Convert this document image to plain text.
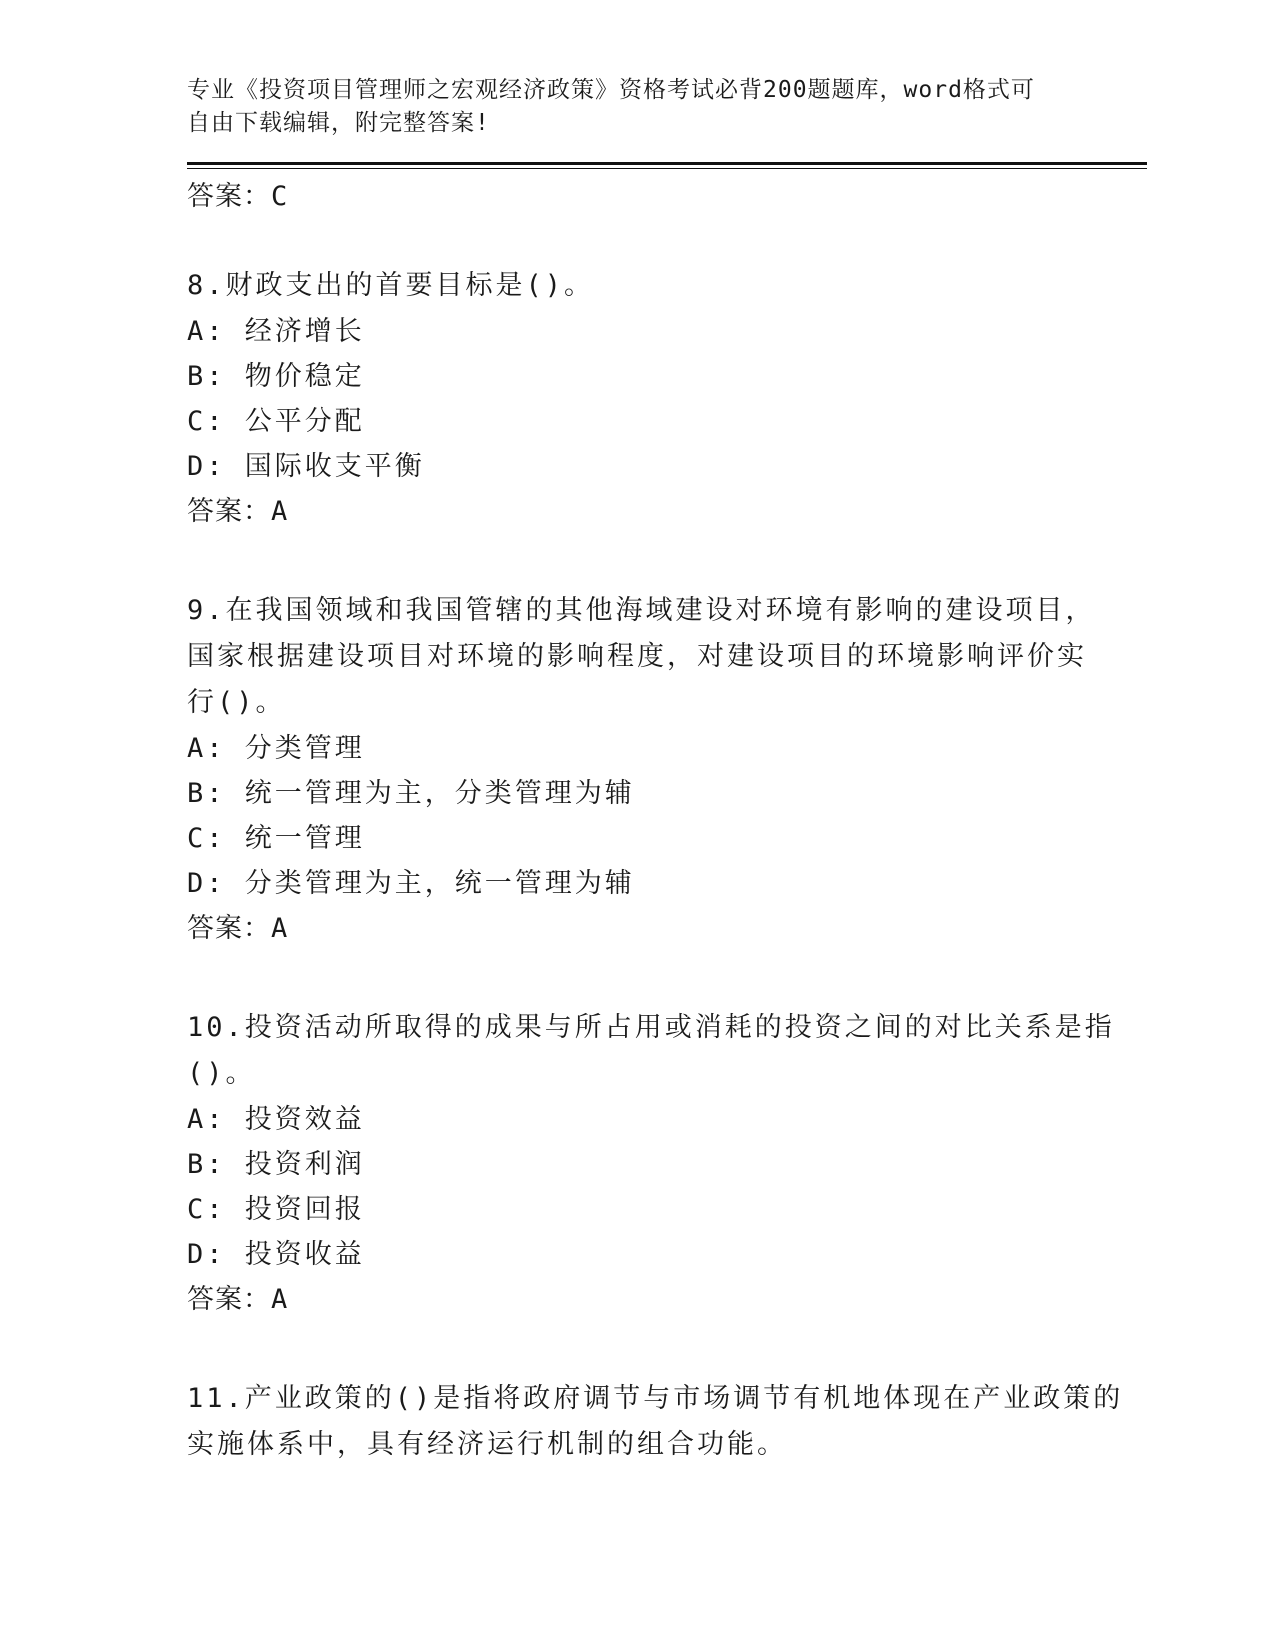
专业《投资项目管理师之宏观经济政策》资格考试必背200题题库，word格式可

自由下载编辑，附完整答案!

答案：C

8.财政支出的首要目标是()。

A: 经济增长

B: 物价稳定

C: 公平分配

D: 国际收支平衡

答案：A

9.在我国领域和我国管辖的其他海域建设对环境有影响的建设项目，

国家根据建设项目对环境的影响程度，对建设项目的环境影响评价实

行()。

A: 分类管理

B: 统一管理为主，分类管理为辅

C: 统一管理

D: 分类管理为主，统一管理为辅

答案：A

10.投资活动所取得的成果与所占用或消耗的投资之间的对比关系是指

()。

A: 投资效益

B: 投资利润

C: 投资回报

D: 投资收益

答案：A

11.产业政策的()是指将政府调节与市场调节有机地体现在产业政策的

实施体系中，具有经济运行机制的组合功能。
